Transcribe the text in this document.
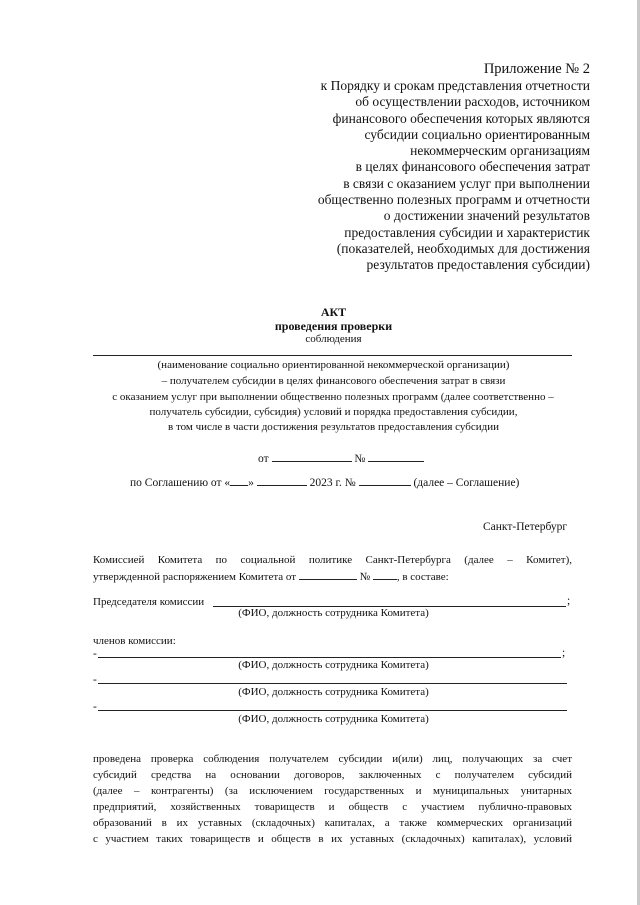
Приложение № 2
к Порядку и срокам представления отчетности
об осуществлении расходов, источником
финансового обеспечения которых являются
субсидии социально ориентированным
некоммерческим организациям
в целях финансового обеспечения затрат
в связи с оказанием услуг при выполнении
общественно полезных программ и отчетности
о достижении значений результатов
предоставления субсидии и характеристик
(показателей, необходимых для достижения
результатов предоставления субсидии)
АКТ
проведения проверки
соблюдения
(наименование социально ориентированной некоммерческой организации)
– получателем субсидии в целях финансового обеспечения затрат в связи
с оказанием услуг при выполнении общественно полезных программ (далее соответственно –
получатель субсидии, субсидия) условий и порядка предоставления субсидии,
в том числе в части достижения результатов предоставления субсидии
от	№
по Соглашению от « »	2023 г. №	(далее – Соглашение)
Санкт-Петербург
Комиссией Комитета по социальной политике Санкт-Петербурга (далее – Комитет),
утвержденной распоряжением Комитета от	№ , в составе:
Председателя комиссии	;
(ФИО, должность сотрудника Комитета)
членов комиссии:
-	;
(ФИО, должность сотрудника Комитета)
-
(ФИО, должность сотрудника Комитета)
-
(ФИО, должность сотрудника Комитета)
проведена проверка соблюдения получателем субсидии и(или) лиц, получающих за счет
субсидий средства на основании договоров, заключенных с получателем субсидий
(далее – контрагенты) (за исключением государственных и муниципальных унитарных
предприятий, хозяйственных товариществ и обществ с участием публично-правовых
образований в их уставных (складочных) капиталах, а также коммерческих организаций
с участием таких товариществ и обществ в их уставных (складочных) капиталах), условий
